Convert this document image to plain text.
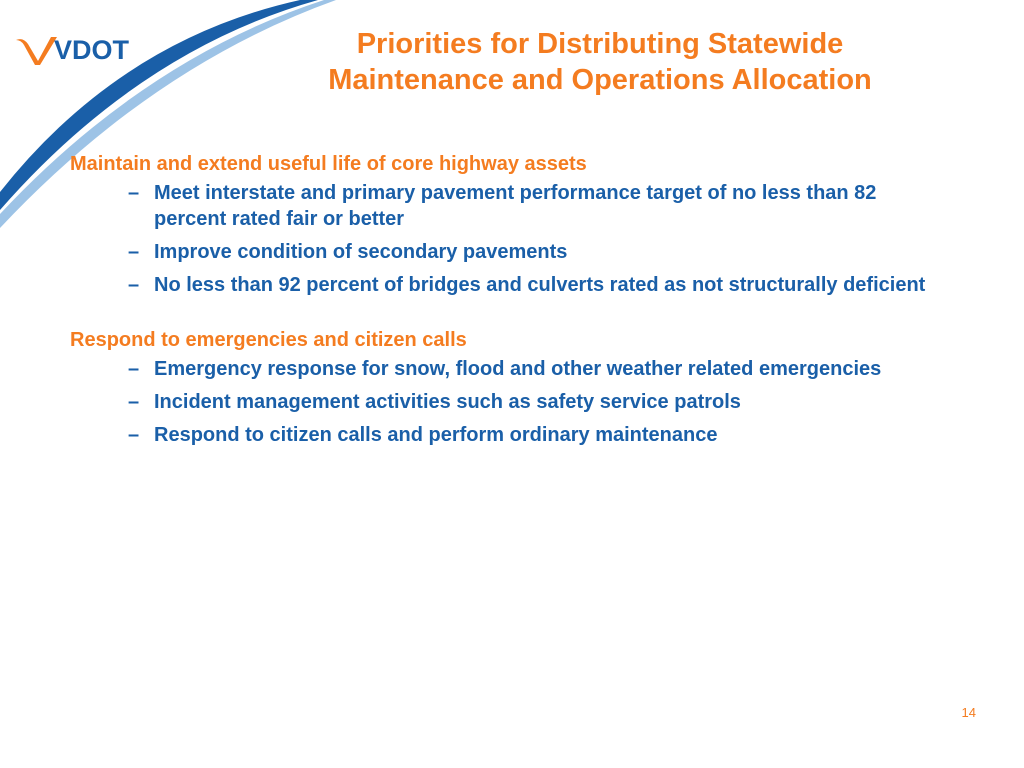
VDOT	Priorities for Distributing Statewide
Maintenance and Operations Allocation

Maintain and extend useful life of core highway assets

– Meet interstate and primary pavement performance target of no less than 82 percent rated fair or better
– Improve condition of secondary pavements
– No less than 92 percent of bridges and culverts rated as not structurally deficient

Respond to emergencies and citizen calls

– Emergency response for snow, flood and other weather related emergencies
– Incident management activities such as safety service patrols
– Respond to citizen calls and perform ordinary maintenance
14
